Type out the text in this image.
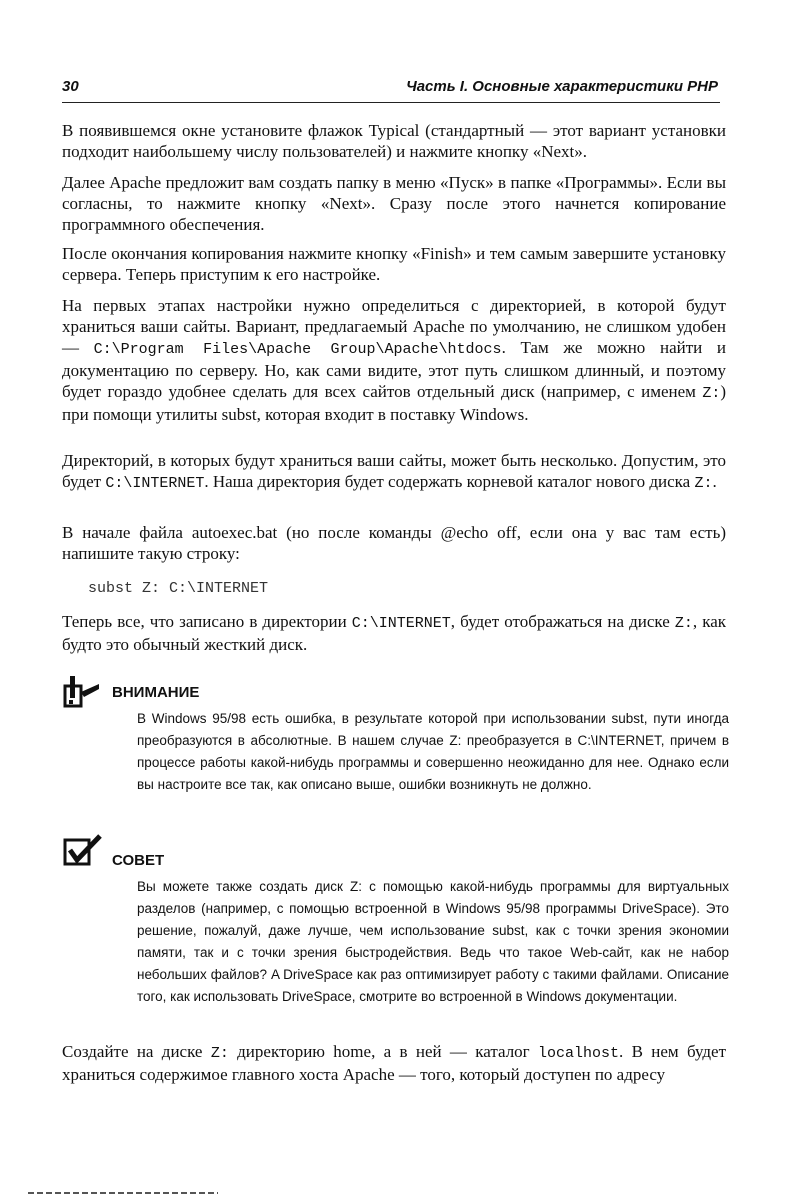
30	Часть I. Основные характеристики PHP

В появившемся окне установите флажок Typical (стандартный — этот вариант установки подходит наибольшему числу пользователей) и нажмите кнопку «Next».

Далее Apache предложит вам создать папку в меню «Пуск» в папке «Программы». Если вы согласны, то нажмите кнопку «Next». Сразу после этого начнется копирование программного обеспечения.

После окончания копирования нажмите кнопку «Finish» и тем самым завершите установку сервера. Теперь приступим к его настройке.

На первых этапах настройки нужно определиться с директорией, в которой будут храниться ваши сайты. Вариант, предлагаемый Apache по умолчанию, не слишком удобен — C:\Program Files\Apache Group\Apache\htdocs. Там же можно найти и документацию по серверу. Но, как сами видите, этот путь слишком длинный, и поэтому будет гораздо удобнее сделать для всех сайтов отдельный диск (например, с именем Z:) при помощи утилиты subst, которая входит в поставку Windows.

Директорий, в которых будут храниться ваши сайты, может быть несколько. Допустим, это будет C:\INTERNET. Нашa директория будет содержать корневой каталог нового диска Z:.

В начале файла autoexec.bat (но после команды @echo off, если она у вас там есть) напишите такую строку:

subst Z: C:\INTERNET

Теперь все, что записано в директории C:\INTERNET, будет отображаться на диске Z:, как будто это обычный жесткий диск.

ВНИМАНИЕ

В Windows 95/98 есть ошибка, в результате которой при использовании subst, пути иногда преобразуются в абсолютные. В нашем случае Z: преобразуется в C:\INTERNET, причем в процессе работы какой-нибудь программы и совершенно неожиданно для нее. Однако если вы настроите все так, как описано выше, ошибки возникнуть не должно.

СОВЕТ

Вы можете также создать диск Z: с помощью какой-нибудь программы для виртуальных разделов (например, с помощью встроенной в Windows 95/98 программы DriveSpace). Это решение, пожалуй, даже лучше, чем использование subst, как с точки зрения экономии памяти, так и с точки зрения быстродействия. Ведь что такое Web-сайт, как не набор небольших файлов? A DriveSpace как раз оптимизирует работу с такими файлами. Описание того, как использовать DriveSpace, смотрите во встроенной в Windows документации.

Создайте на диске Z: директорию home, а в ней — каталог localhost. В нем будет храниться содержимое главного хоста Apache — того, который доступен по адресу
